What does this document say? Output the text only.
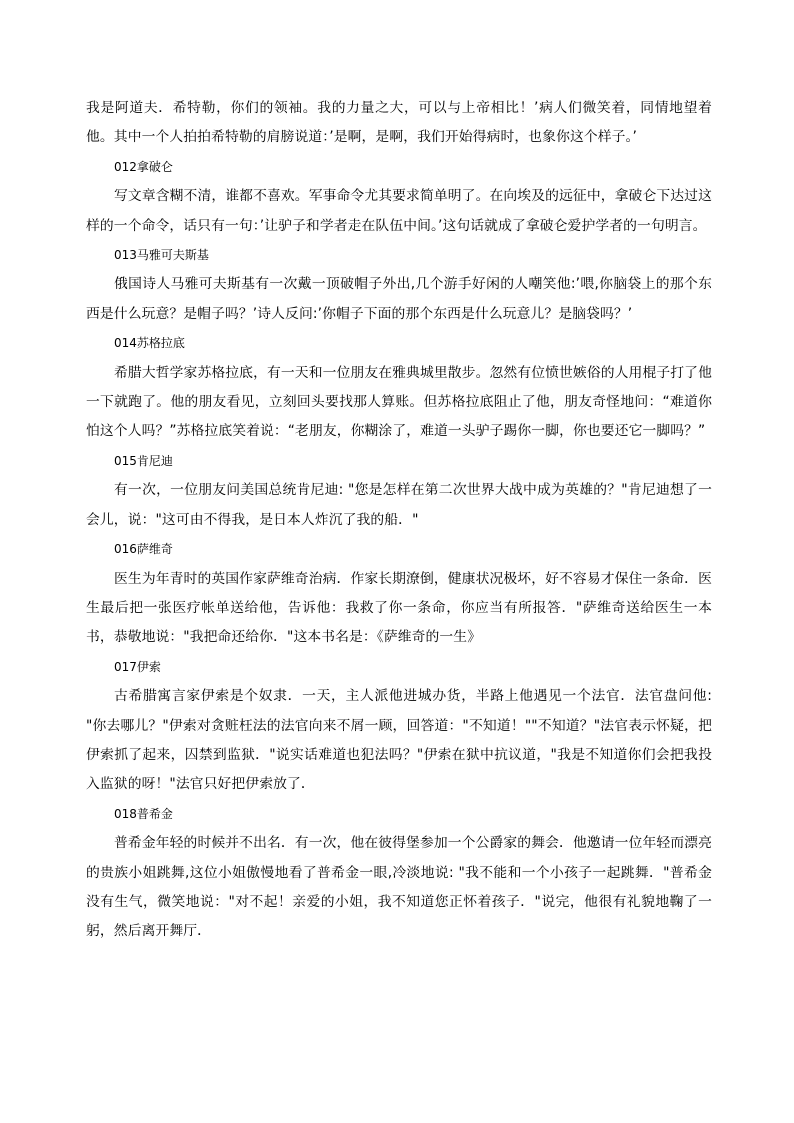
我是阿道夫．希特勒，你们的领袖。我的力量之大，可以与上帝相比！’病人们微笑着，同情地望着他。其中一个人拍拍希特勒的肩膀说道：’是啊，是啊，我们开始得病时，也象你这个样子。’

012拿破仑

写文章含糊不清，谁都不喜欢。军事命令尤其要求简单明了。在向埃及的远征中，拿破仑下达过这样的一个命令，话只有一句：’让驴子和学者走在队伍中间。’这句话就成了拿破仑爱护学者的一句明言。

013马雅可夫斯基

俄国诗人马雅可夫斯基有一次戴一顶破帽子外出,几个游手好闲的人嘲笑他:’喂,你脑袋上的那个东西是什么玩意？是帽子吗？’诗人反问:’你帽子下面的那个东西是什么玩意儿？是脑袋吗？’

014苏格拉底

希腊大哲学家苏格拉底，有一天和一位朋友在雅典城里散步。忽然有位愤世嫉俗的人用棍子打了他一下就跑了。他的朋友看见，立刻回头要找那人算账。但苏格拉底阻止了他，朋友奇怪地问：“难道你怕这个人吗？”苏格拉底笑着说：“老朋友，你糊涂了，难道一头驴子踢你一脚，你也要还它一脚吗？”

015肯尼迪

有一次，一位朋友问美国总统肯尼迪: "您是怎样在第二次世界大战中成为英雄的？"肯尼迪想了一会儿，说："这可由不得我，是日本人炸沉了我的船．"

016萨维奇

医生为年青时的英国作家萨维奇治病．作家长期潦倒，健康状况极坏，好不容易才保住一条命．医生最后把一张医疗帐单送给他，告诉他：我救了你一条命，你应当有所报答．"萨维奇送给医生一本书，恭敬地说："我把命还给你．"这本书名是：《萨维奇的一生》

017伊索

古希腊寓言家伊索是个奴隶．一天，主人派他进城办货，半路上他遇见一个法官．法官盘问他: "你去哪儿？"伊索对贪赃枉法的法官向来不屑一顾，回答道："不知道！""不知道？"法官表示怀疑，把伊索抓了起来，囚禁到监狱．"说实话难道也犯法吗？"伊索在狱中抗议道，"我是不知道你们会把我投入监狱的呀！"法官只好把伊索放了．

018普希金

普希金年轻的时候并不出名．有一次，他在彼得堡参加一个公爵家的舞会．他邀请一位年轻而漂亮的贵族小姐跳舞,这位小姐傲慢地看了普希金一眼,冷淡地说: "我不能和一个小孩子一起跳舞．"普希金没有生气，微笑地说："对不起！亲爱的小姐，我不知道您正怀着孩子．"说完，他很有礼貌地鞠了一躬，然后离开舞厅．
